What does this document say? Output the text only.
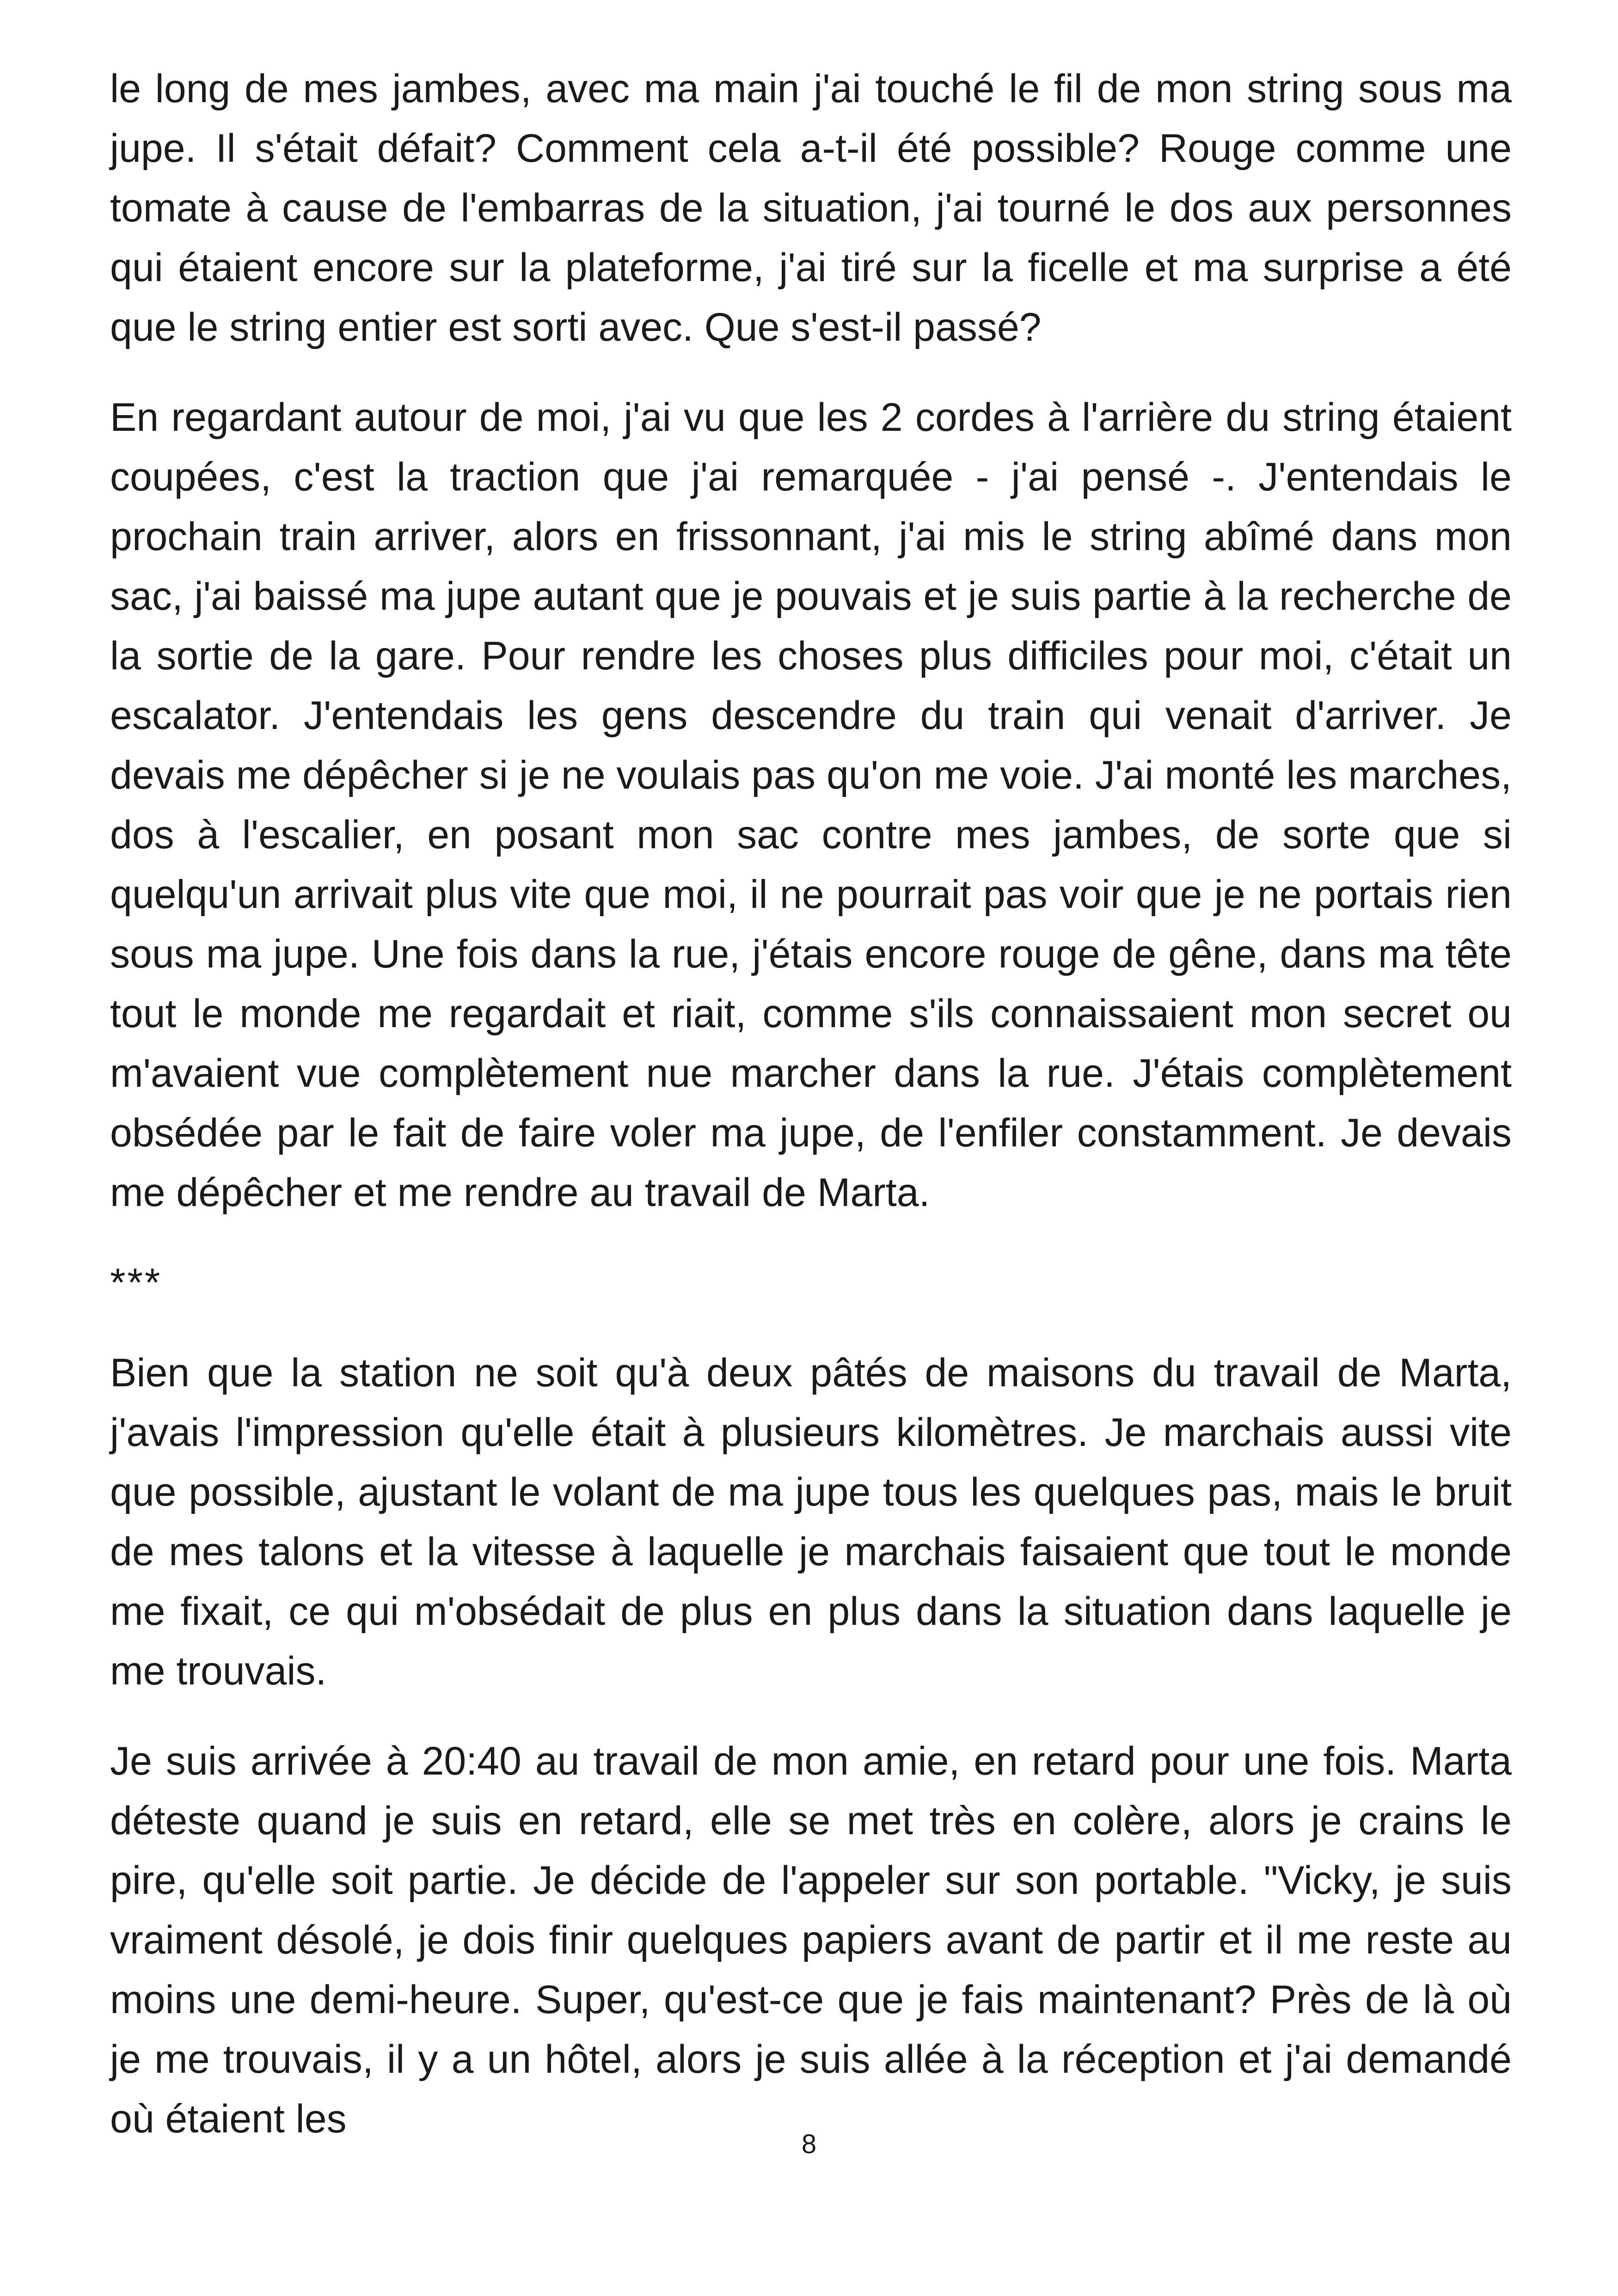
le long de mes jambes, avec ma main j'ai touché le fil de mon string sous ma jupe. Il s'était défait? Comment cela a-t-il été possible? Rouge comme une tomate à cause de l'embarras de la situation, j'ai tourné le dos aux personnes qui étaient encore sur la plateforme, j'ai tiré sur la ficelle et ma surprise a été que le string entier est sorti avec. Que s'est-il passé?

En regardant autour de moi, j'ai vu que les 2 cordes à l'arrière du string étaient coupées, c'est la traction que j'ai remarquée - j'ai pensé -. J'entendais le prochain train arriver, alors en frissonnant, j'ai mis le string abîmé dans mon sac, j'ai baissé ma jupe autant que je pouvais et je suis partie à la recherche de la sortie de la gare. Pour rendre les choses plus difficiles pour moi, c'était un escalator. J'entendais les gens descendre du train qui venait d'arriver. Je devais me dépêcher si je ne voulais pas qu'on me voie. J'ai monté les marches, dos à l'escalier, en posant mon sac contre mes jambes, de sorte que si quelqu'un arrivait plus vite que moi, il ne pourrait pas voir que je ne portais rien sous ma jupe. Une fois dans la rue, j'étais encore rouge de gêne, dans ma tête tout le monde me regardait et riait, comme s'ils connaissaient mon secret ou m'avaient vue complètement nue marcher dans la rue. J'étais complètement obsédée par le fait de faire voler ma jupe, de l'enfiler constamment. Je devais me dépêcher et me rendre au travail de Marta.

***

Bien que la station ne soit qu'à deux pâtés de maisons du travail de Marta, j'avais l'impression qu'elle était à plusieurs kilomètres. Je marchais aussi vite que possible, ajustant le volant de ma jupe tous les quelques pas, mais le bruit de mes talons et la vitesse à laquelle je marchais faisaient que tout le monde me fixait, ce qui m'obsédait de plus en plus dans la situation dans laquelle je me trouvais.

Je suis arrivée à 20:40 au travail de mon amie, en retard pour une fois. Marta déteste quand je suis en retard, elle se met très en colère, alors je crains le pire, qu'elle soit partie. Je décide de l'appeler sur son portable. "Vicky, je suis vraiment désolé, je dois finir quelques papiers avant de partir et il me reste au moins une demi-heure. Super, qu'est-ce que je fais maintenant? Près de là où je me trouvais, il y a un hôtel, alors je suis allée à la réception et j'ai demandé où étaient les

8
